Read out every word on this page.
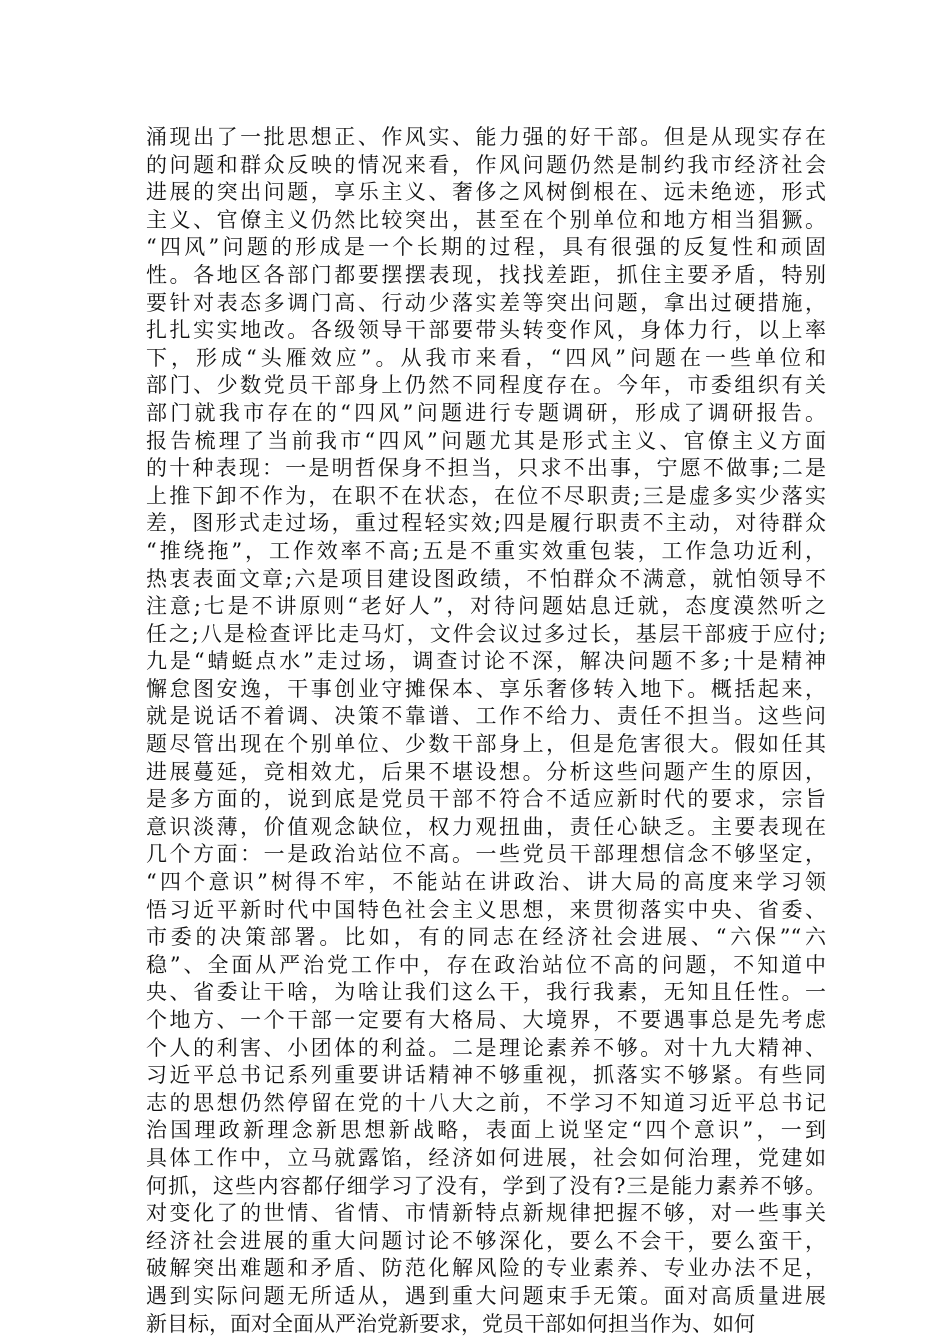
涌现出了一批思想正、作风实、能力强的好干部。但是从现实存在
的问题和群众反映的情况来看，作风问题仍然是制约我市经济社会
进展的突出问题，享乐主义、奢侈之风树倒根在、远未绝迹，形式
主义、官僚主义仍然比较突出，甚至在个别单位和地方相当猖獗。
“四风”问题的形成是一个长期的过程，具有很强的反复性和顽固
性。各地区各部门都要摆摆表现，找找差距，抓住主要矛盾，特别
要针对表态多调门高、行动少落实差等突出问题，拿出过硬措施，
扎扎实实地改。各级领导干部要带头转变作风，身体力行，以上率
下，形成“头雁效应”。从我市来看，“四风”问题在一些单位和
部门、少数党员干部身上仍然不同程度存在。今年，市委组织有关
部门就我市存在的“四风”问题进行专题调研，形成了调研报告。
报告梳理了当前我市“四风”问题尤其是形式主义、官僚主义方面
的十种表现：一是明哲保身不担当，只求不出事，宁愿不做事;二是
上推下卸不作为，在职不在状态，在位不尽职责;三是虚多实少落实
差，图形式走过场，重过程轻实效;四是履行职责不主动，对待群众
“推绕拖”，工作效率不高;五是不重实效重包装，工作急功近利，
热衷表面文章;六是项目建设图政绩，不怕群众不满意，就怕领导不
注意;七是不讲原则“老好人”，对待问题姑息迁就，态度漠然听之
任之;八是检查评比走马灯，文件会议过多过长，基层干部疲于应付;
九是“蜻蜓点水”走过场，调查讨论不深，解决问题不多;十是精神
懈怠图安逸，干事创业守摊保本、享乐奢侈转入地下。概括起来，
就是说话不着调、决策不靠谱、工作不给力、责任不担当。这些问
题尽管出现在个别单位、少数干部身上，但是危害很大。假如任其
进展蔓延，竞相效尤，后果不堪设想。分析这些问题产生的原因，
是多方面的，说到底是党员干部不符合不适应新时代的要求，宗旨
意识淡薄，价值观念缺位，权力观扭曲，责任心缺乏。主要表现在
几个方面：一是政治站位不高。一些党员干部理想信念不够坚定，
“四个意识”树得不牢，不能站在讲政治、讲大局的高度来学习领
悟习近平新时代中国特色社会主义思想，来贯彻落实中央、省委、
市委的决策部署。比如，有的同志在经济社会进展、“六保”“六
稳”、全面从严治党工作中，存在政治站位不高的问题，不知道中
央、省委让干啥，为啥让我们这么干，我行我素，无知且任性。一
个地方、一个干部一定要有大格局、大境界，不要遇事总是先考虑
个人的利害、小团体的利益。二是理论素养不够。对十九大精神、
习近平总书记系列重要讲话精神不够重视，抓落实不够紧。有些同
志的思想仍然停留在党的十八大之前，不学习不知道习近平总书记
治国理政新理念新思想新战略，表面上说坚定“四个意识”，一到
具体工作中，立马就露馅，经济如何进展，社会如何治理，党建如
何抓，这些内容都仔细学习了没有，学到了没有?三是能力素养不够。
对变化了的世情、省情、市情新特点新规律把握不够，对一些事关
经济社会进展的重大问题讨论不够深化，要么不会干，要么蛮干，
破解突出难题和矛盾、防范化解风险的专业素养、专业办法不足，
遇到实际问题无所适从，遇到重大问题束手无策。面对高质量进展
新目标，面对全面从严治党新要求，党员干部如何担当作为、如何
